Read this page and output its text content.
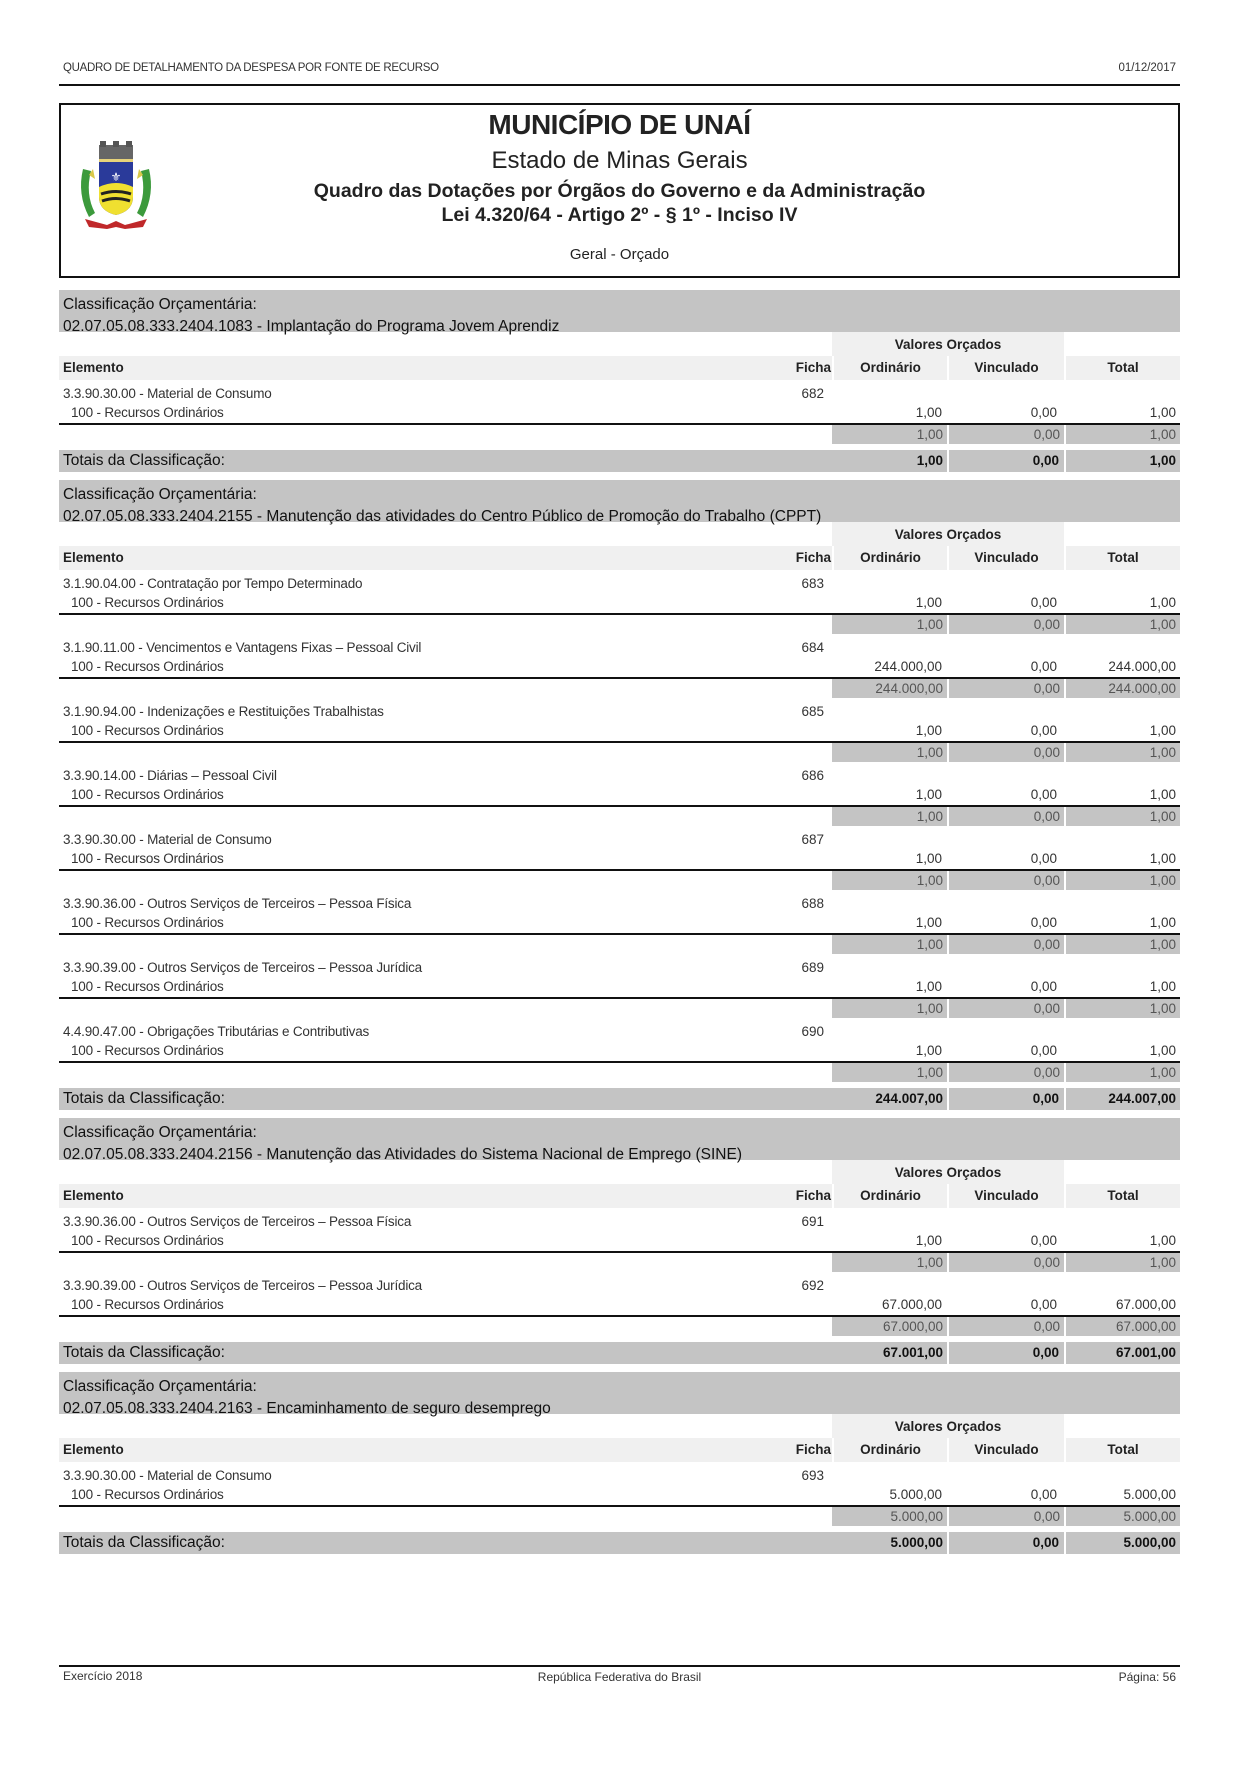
QUADRO DE DETALHAMENTO DA DESPESA POR FONTE DE RECURSO	01/12/2017
⚜
MUNICÍPIO DE UNAÍ
Estado de Minas Gerais
Quadro das Dotações por Órgãos do Governo e da Administração
Lei 4.320/64 - Artigo 2º - § 1º - Inciso IV
Geral - Orçado
Classificação Orçamentária:
02.07.05.08.333.2404.1083 - Implantação do Programa Jovem Aprendiz
Valores Orçados
Elemento	Ficha	Ordinário	Vinculado	Total
3.3.90.30.00 - Material de Consumo	682
100 - Recursos Ordinários	1,00	0,00	1,00
1,00	0,00	1,00
Totais da Classificação:	1,00	0,00	1,00
Classificação Orçamentária:
02.07.05.08.333.2404.2155 - Manutenção das atividades do Centro Público de Promoção do Trabalho (CPPT)
Valores Orçados
Elemento	Ficha	Ordinário	Vinculado	Total
3.1.90.04.00 - Contratação por Tempo Determinado	683
100 - Recursos Ordinários	1,00	0,00	1,00
1,00	0,00	1,00
3.1.90.11.00 - Vencimentos e Vantagens Fixas – Pessoal Civil	684
100 - Recursos Ordinários	244.000,00	0,00	244.000,00
244.000,00	0,00	244.000,00
3.1.90.94.00 - Indenizações e Restituições Trabalhistas	685
100 - Recursos Ordinários	1,00	0,00	1,00
1,00	0,00	1,00
3.3.90.14.00 - Diárias – Pessoal Civil	686
100 - Recursos Ordinários	1,00	0,00	1,00
1,00	0,00	1,00
3.3.90.30.00 - Material de Consumo	687
100 - Recursos Ordinários	1,00	0,00	1,00
1,00	0,00	1,00
3.3.90.36.00 - Outros Serviços de Terceiros – Pessoa Física	688
100 - Recursos Ordinários	1,00	0,00	1,00
1,00	0,00	1,00
3.3.90.39.00 - Outros Serviços de Terceiros – Pessoa Jurídica	689
100 - Recursos Ordinários	1,00	0,00	1,00
1,00	0,00	1,00
4.4.90.47.00 - Obrigações Tributárias e Contributivas	690
100 - Recursos Ordinários	1,00	0,00	1,00
1,00	0,00	1,00
Totais da Classificação:	244.007,00	0,00	244.007,00
Classificação Orçamentária:
02.07.05.08.333.2404.2156 - Manutenção das Atividades do Sistema Nacional de Emprego (SINE)
Valores Orçados
Elemento	Ficha	Ordinário	Vinculado	Total
3.3.90.36.00 - Outros Serviços de Terceiros – Pessoa Física	691
100 - Recursos Ordinários	1,00	0,00	1,00
1,00	0,00	1,00
3.3.90.39.00 - Outros Serviços de Terceiros – Pessoa Jurídica	692
100 - Recursos Ordinários	67.000,00	0,00	67.000,00
67.000,00	0,00	67.000,00
Totais da Classificação:	67.001,00	0,00	67.001,00
Classificação Orçamentária:
02.07.05.08.333.2404.2163 - Encaminhamento de seguro desemprego
Valores Orçados
Elemento	Ficha	Ordinário	Vinculado	Total
3.3.90.30.00 - Material de Consumo	693
100 - Recursos Ordinários	5.000,00	0,00	5.000,00
5.000,00	0,00	5.000,00
Totais da Classificação:	5.000,00	0,00	5.000,00
Exercício 2018	República Federativa do Brasil	Página: 56
